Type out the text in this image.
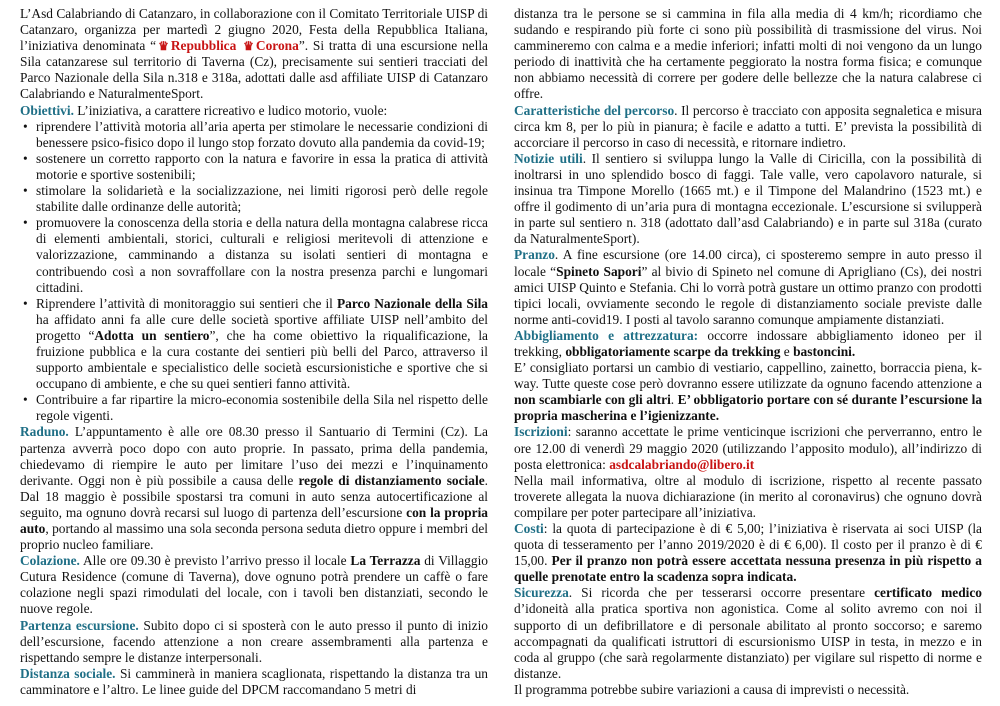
L’Asd Calabriando di Catanzaro, in collaborazione con il Comitato Territoriale UISP di Catanzaro, organizza per martedì 2 giugno 2020, Festa della Repubblica Italiana, l’iniziativa denominata “ ♛ Repubblica ♛ Corona”. Si tratta di una escursione nella Sila catanzarese sul territorio di Taverna (Cz), precisamente sui sentieri tracciati del Parco Nazionale della Sila n.318 e 318a, adottati dalle asd affiliate UISP di Catanzaro Calabriando e NaturalmenteSport.

Obiettivi. L’iniziativa, a carattere ricreativo e ludico motorio, vuole:

• riprendere l’attività motoria all’aria aperta per stimolare le necessarie condizioni di benessere psico-fisico dopo il lungo stop forzato dovuto alla pandemia da covid-19;
• sostenere un corretto rapporto con la natura e favorire in essa la pratica di attività motorie e sportive sostenibili;
• stimolare la solidarietà e la socializzazione, nei limiti rigorosi però delle regole stabilite dalle ordinanze delle autorità;
• promuovere la conoscenza della storia e della natura della montagna calabrese ricca di elementi ambientali, storici, culturali e religiosi meritevoli di attenzione e valorizzazione, camminando a distanza su isolati sentieri di montagna e contribuendo così a non sovraffollare con la nostra presenza parchi e lungomari cittadini.
• Riprendere l’attività di monitoraggio sui sentieri che il Parco Nazionale della Sila ha affidato anni fa alle cure delle società sportive affiliate UISP nell’ambito del progetto “Adotta un sentiero”, che ha come obiettivo la riqualificazione, la fruizione pubblica e la cura costante dei sentieri più belli del Parco, attraverso il supporto ambientale e specialistico delle società escursionistiche e sportive che si occupano di ambiente, e che su quei sentieri fanno attività.
• Contribuire a far ripartire la micro-economia sostenibile della Sila nel rispetto delle regole vigenti.

Raduno. L’appuntamento è alle ore 08.30 presso il Santuario di Termini (Cz). La partenza avverrà poco dopo con auto proprie. In passato, prima della pandemia, chiedevamo di riempire le auto per limitare l’uso dei mezzi e l’inquinamento derivante. Oggi non è più possibile a causa delle regole di distanziamento sociale. Dal 18 maggio è possibile spostarsi tra comuni in auto senza autocertificazione al seguito, ma ognuno dovrà recarsi sul luogo di partenza dell’escursione con la propria auto, portando al massimo una sola seconda persona seduta dietro oppure i membri del proprio nucleo familiare.

Colazione. Alle ore 09.30 è previsto l’arrivo presso il locale La Terrazza di Villaggio Cutura Residence (comune di Taverna), dove ognuno potrà prendere un caffè o fare colazione negli spazi rimodulati del locale, con i tavoli ben distanziati, secondo le nuove regole.

Partenza escursione. Subito dopo ci si sposterà con le auto presso il punto di inizio dell’escursione, facendo attenzione a non creare assembramenti alla partenza e rispettando sempre le distanze interpersonali.

Distanza sociale. Si camminerà in maniera scaglionata, rispettando la distanza tra un camminatore e l’altro. Le linee guide del DPCM raccomandano 5 metri di

distanza tra le persone se si cammina in fila alla media di 4 km/h; ricordiamo che sudando e respirando più forte ci sono più possibilità di trasmissione del virus. Noi cammineremo con calma e a medie inferiori; infatti molti di noi vengono da un lungo periodo di inattività che ha certamente peggiorato la nostra forma fisica; e comunque non abbiamo necessità di correre per godere delle bellezze che la natura calabrese ci offre.

Caratteristiche del percorso. Il percorso è tracciato con apposita segnaletica e misura circa km 8, per lo più in pianura; è facile e adatto a tutti. E’ prevista la possibilità di accorciare il percorso in caso di necessità, e ritornare indietro.

Notizie utili. Il sentiero si sviluppa lungo la Valle di Ciricilla, con la possibilità di inoltrarsi in uno splendido bosco di faggi. Tale valle, vero capolavoro naturale, si insinua tra Timpone Morello (1665 mt.) e il Timpone del Malandrino (1523 mt.) e offre il godimento di un’aria pura di montagna eccezionale. L’escursione si svilupperà in parte sul sentiero n. 318 (adottato dall’asd Calabriando) e in parte sul 318a (curato da NaturalmenteSport).

Pranzo. A fine escursione (ore 14.00 circa), ci sposteremo sempre in auto presso il locale “Spineto Sapori” al bivio di Spineto nel comune di Aprigliano (Cs), dei nostri amici UISP Quinto e Stefania. Chi lo vorrà potrà gustare un ottimo pranzo con prodotti tipici locali, ovviamente secondo le regole di distanziamento sociale previste dalle norme anti-covid19. I posti al tavolo saranno comunque ampiamente distanziati.

Abbigliamento e attrezzatura: occorre indossare abbigliamento idoneo per il trekking, obbligatoriamente scarpe da trekking e bastoncini.

E’ consigliato portarsi un cambio di vestiario, cappellino, zainetto, borraccia piena, k-way. Tutte queste cose però dovranno essere utilizzate da ognuno facendo attenzione a non scambiarle con gli altri. E’ obbligatorio portare con sé durante l’escursione la propria mascherina e l’igienizzante.

Iscrizioni: saranno accettate le prime venticinque iscrizioni che perverranno, entro le ore 12.00 di venerdì 29 maggio 2020 (utilizzando l’apposito modulo), all’indirizzo di posta elettronica: asdcalabriando@libero.it

Nella mail informativa, oltre al modulo di iscrizione, rispetto al recente passato troverete allegata la nuova dichiarazione (in merito al coronavirus) che ognuno dovrà compilare per poter partecipare all’iniziativa.

Costi: la quota di partecipazione è di € 5,00; l’iniziativa è riservata ai soci UISP (la quota di tesseramento per l’anno 2019/2020 è di € 6,00). Il costo per il pranzo è di € 15,00. Per il pranzo non potrà essere accettata nessuna presenza in più rispetto a quelle prenotate entro la scadenza sopra indicata.

Sicurezza. Si ricorda che per tesserarsi occorre presentare certificato medico d’idoneità alla pratica sportiva non agonistica. Come al solito avremo con noi il supporto di un defibrillatore e di personale abilitato al pronto soccorso; e saremo accompagnati da qualificati istruttori di escursionismo UISP in testa, in mezzo e in coda al gruppo (che sarà regolarmente distanziato) per vigilare sul rispetto di norme e distanze.

Il programma potrebbe subire variazioni a causa di imprevisti o necessità.
